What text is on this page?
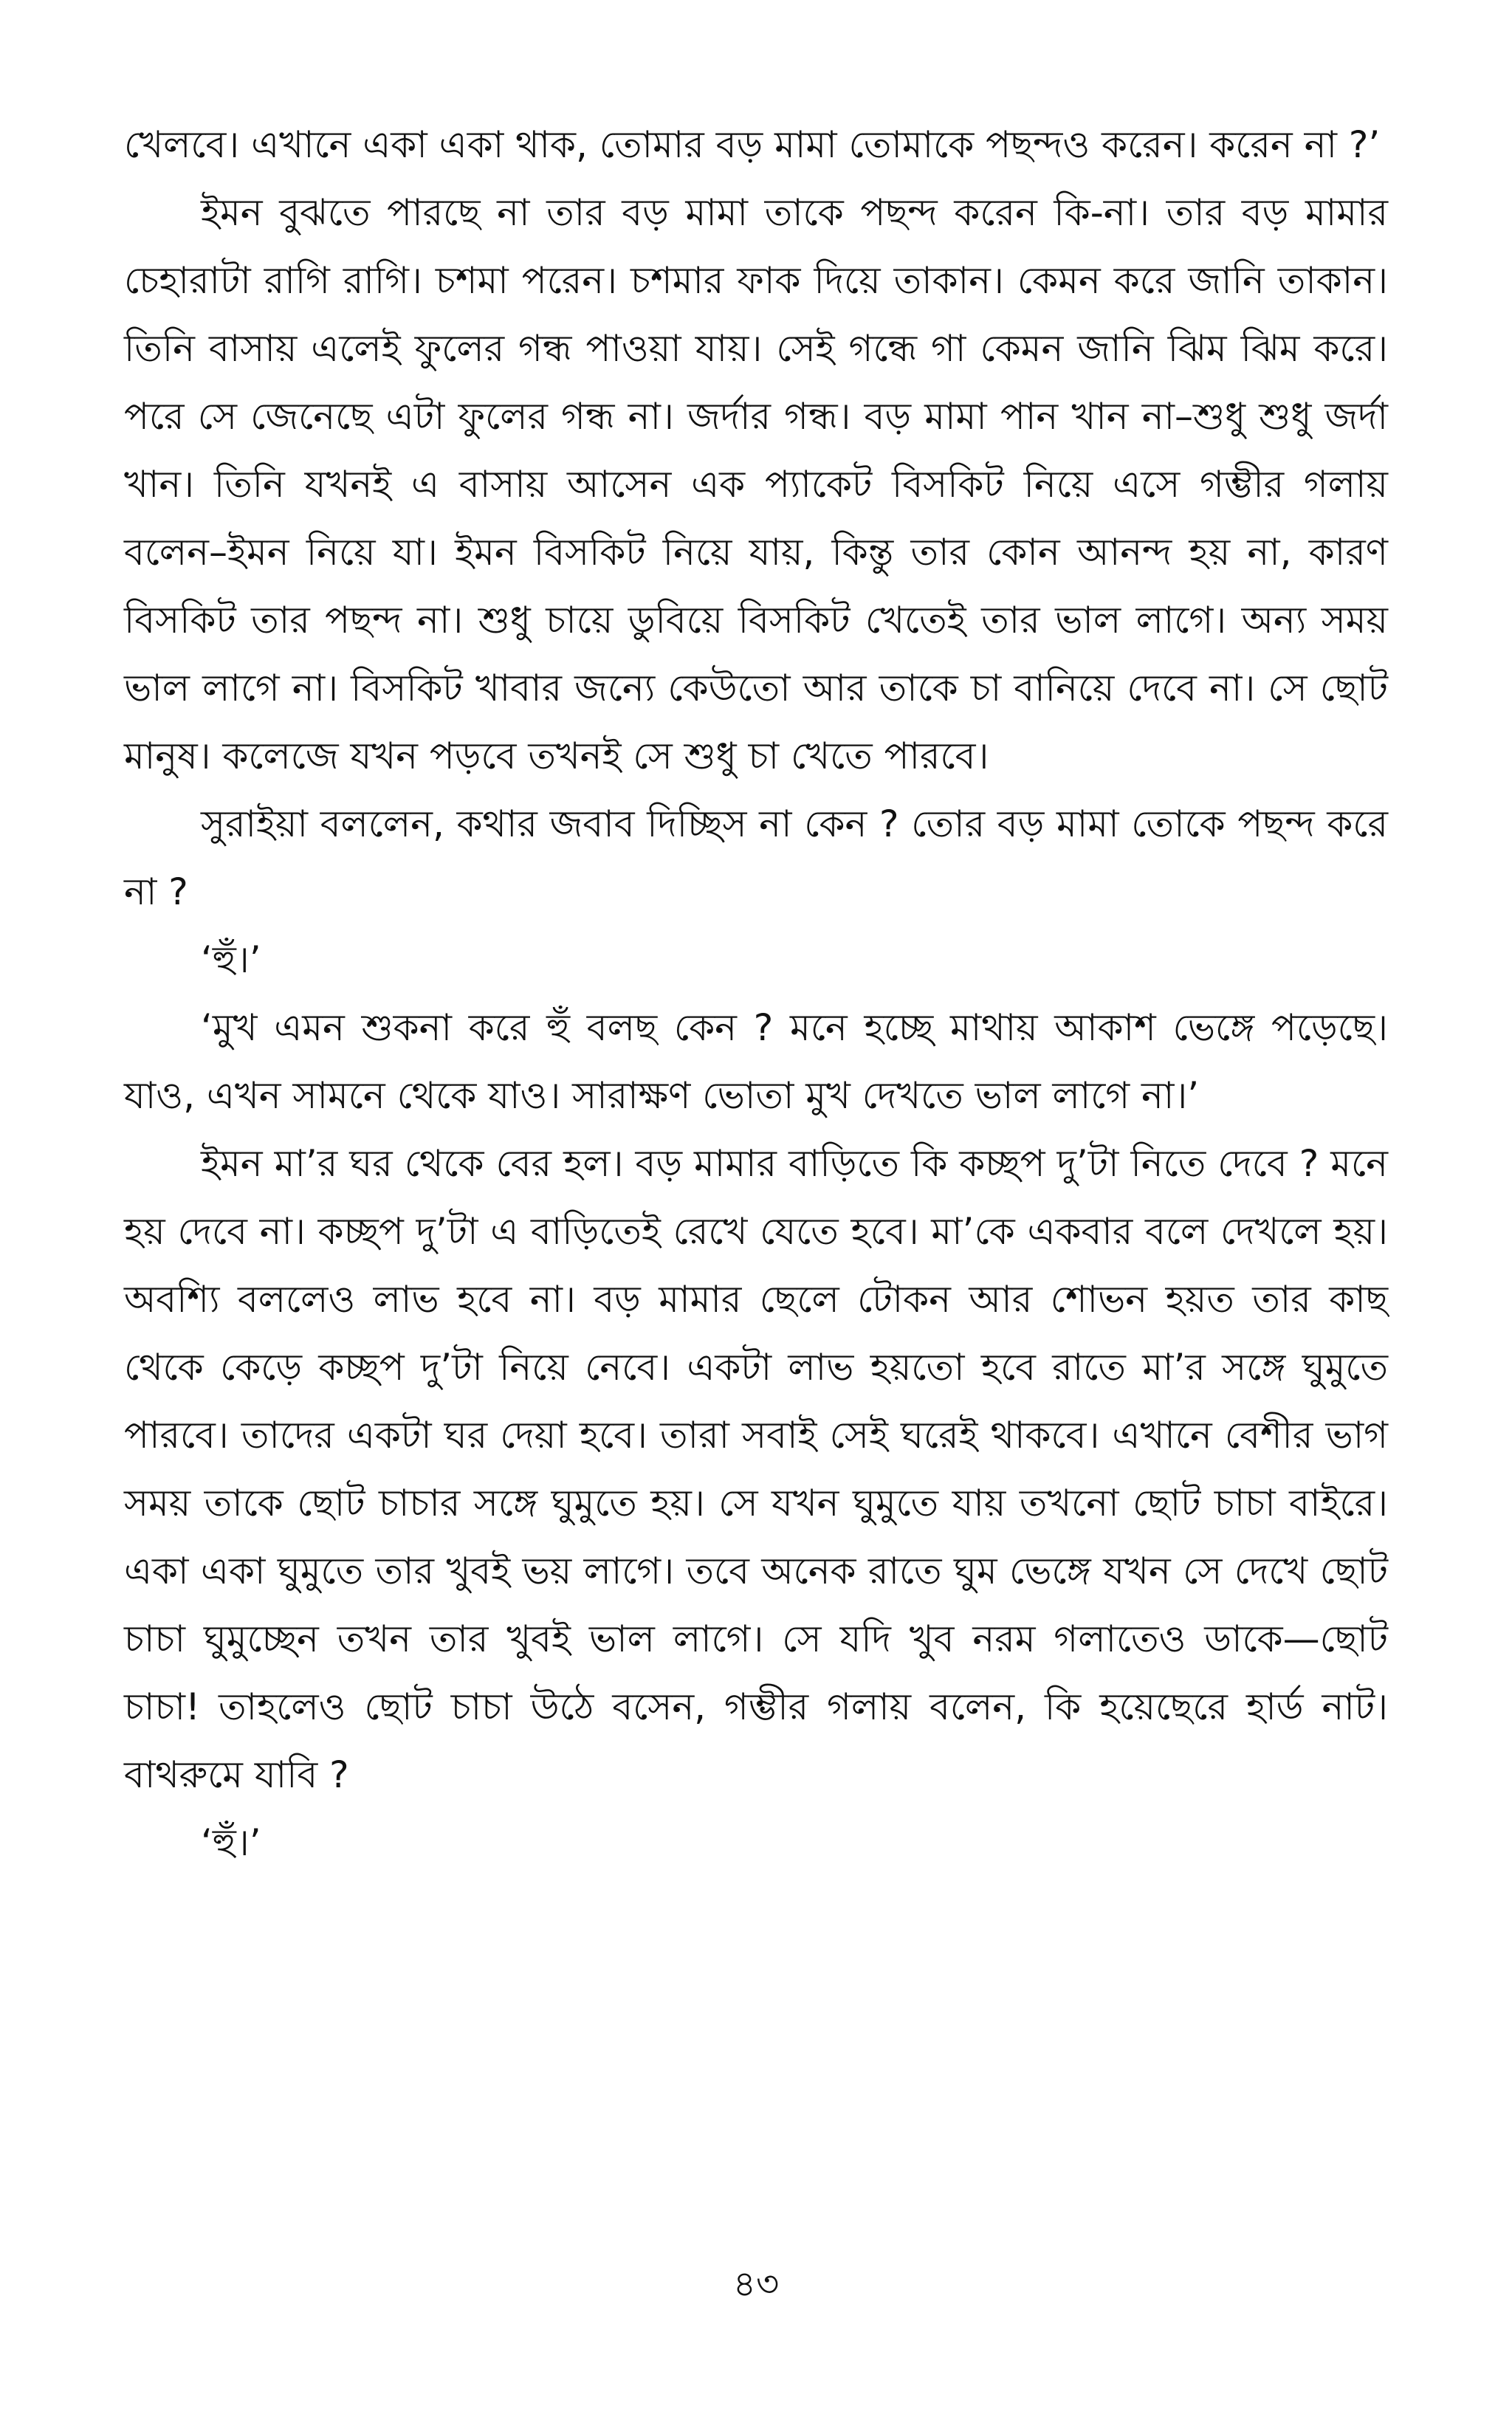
খেলবে। এখানে একা একা থাক, তোমার বড় মামা তোমাকে পছন্দও করেন। করেন না ?’

ইমন বুঝতে পারছে না তার বড় মামা তাকে পছন্দ করেন কি-না। তার বড় মামার চেহারাটা রাগি রাগি। চশমা পরেন। চশমার ফাক দিয়ে তাকান। কেমন করে জানি তাকান। তিনি বাসায় এলেই ফুলের গন্ধ পাওয়া যায়। সেই গন্ধে গা কেমন জানি ঝিম ঝিম করে। পরে সে জেনেছে এটা ফুলের গন্ধ না। জর্দার গন্ধ। বড় মামা পান খান না–শুধু শুধু জর্দা খান। তিনি যখনই এ বাসায় আসেন এক প্যাকেট বিসকিট নিয়ে এসে গম্ভীর গলায় বলেন–ইমন নিয়ে যা। ইমন বিসকিট নিয়ে যায়, কিন্তু তার কোন আনন্দ হয় না, কারণ বিসকিট তার পছন্দ না। শুধু চায়ে ডুবিয়ে বিসকিট খেতেই তার ভাল লাগে। অন্য সময় ভাল লাগে না। বিসকিট খাবার জন্যে কেউতো আর তাকে চা বানিয়ে দেবে না। সে ছোট মানুষ। কলেজে যখন পড়বে তখনই সে শুধু চা খেতে পারবে।

সুরাইয়া বললেন, কথার জবাব দিচ্ছিস না কেন ? তোর বড় মামা তোকে পছন্দ করে না ?

‘হুঁ।’

‘মুখ এমন শুকনা করে হুঁ বলছ কেন ? মনে হচ্ছে মাথায় আকাশ ভেঙ্গে পড়েছে। যাও, এখন সামনে থেকে যাও। সারাক্ষণ ভোতা মুখ দেখতে ভাল লাগে না।’

ইমন মা’র ঘর থেকে বের হল। বড় মামার বাড়িতে কি কচ্ছপ দু’টা নিতে দেবে ? মনে হয় দেবে না। কচ্ছপ দু’টা এ বাড়িতেই রেখে যেতে হবে। মা’কে একবার বলে দেখলে হয়। অবশ্যি বললেও লাভ হবে না। বড় মামার ছেলে টোকন আর শোভন হয়ত তার কাছ থেকে কেড়ে কচ্ছপ দু’টা নিয়ে নেবে। একটা লাভ হয়তো হবে রাতে মা’র সঙ্গে ঘুমুতে পারবে। তাদের একটা ঘর দেয়া হবে। তারা সবাই সেই ঘরেই থাকবে। এখানে বেশীর ভাগ সময় তাকে ছোট চাচার সঙ্গে ঘুমুতে হয়। সে যখন ঘুমুতে যায় তখনো ছোট চাচা বাইরে। একা একা ঘুমুতে তার খুবই ভয় লাগে। তবে অনেক রাতে ঘুম ভেঙ্গে যখন সে দেখে ছোট চাচা ঘুমুচ্ছেন তখন তার খুবই ভাল লাগে। সে যদি খুব নরম গলাতেও ডাকে—ছোট চাচা! তাহলেও ছোট চাচা উঠে বসেন, গম্ভীর গলায় বলেন, কি হয়েছেরে হার্ড নাট। বাথরুমে যাবি ?

‘হুঁ।’

৪৩
